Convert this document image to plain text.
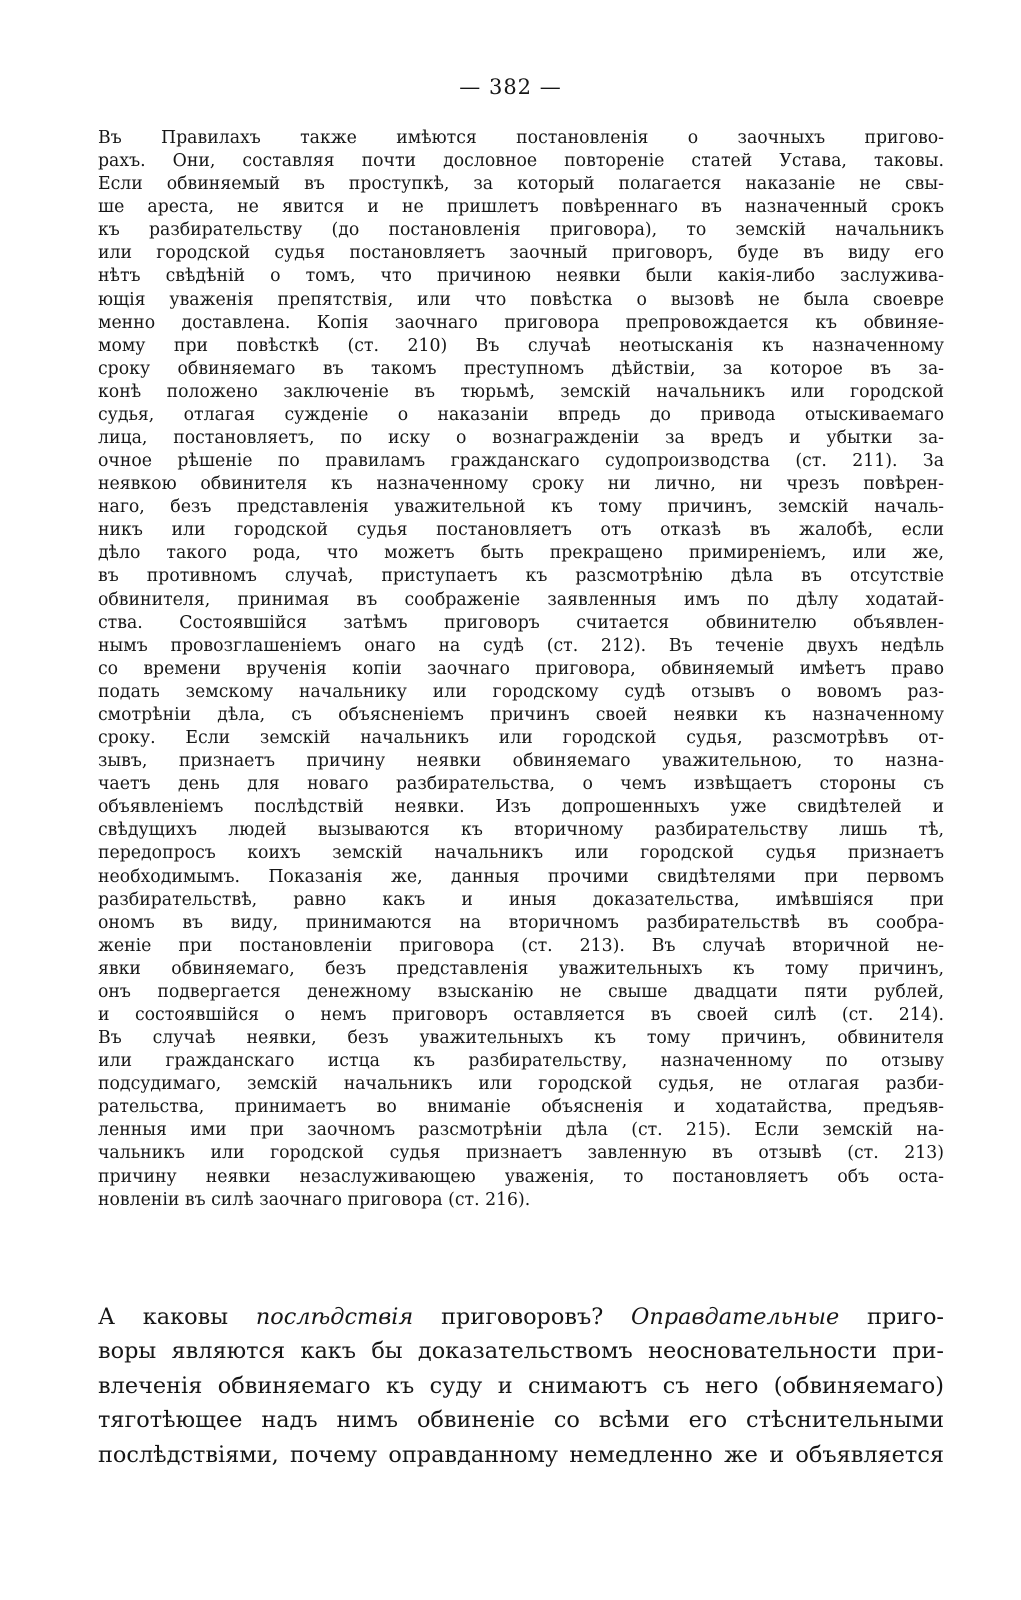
— 382 —
Въ Правилахъ также имѣются постановленія о заочныхъ пригово-
рахъ. Они, составляя почти дословное повтореніе статей Устава, таковы.
Если обвиняемый въ проступкѣ, за который полагается наказаніе не свы-
ше ареста, не явится и не пришлетъ повѣреннаго въ назначенный срокъ
къ разбирательству (до постановленія приговора), то земскій начальникъ
или городской судья постановляетъ заочный приговоръ, буде въ виду его
нѣтъ свѣдѣній о томъ, что причиною неявки были какія-либо заслужива-
ющія уваженія препятствія, или что повѣстка о вызовѣ не была своевре
менно доставлена. Копія заочнаго приговора препровождается къ обвиняе-
мому при повѣсткѣ (ст. 210) Въ случаѣ неотысканія къ назначенному
сроку обвиняемаго въ такомъ преступномъ дѣйствіи, за которое въ за-
конѣ положено заключеніе въ тюрьмѣ, земскій начальникъ или городской
судья, отлагая сужденіе о наказаніи впредь до привода отыскиваемаго
лица, постановляетъ, по иску о вознагражденіи за вредъ и убытки за-
очное рѣшеніе по правиламъ гражданскаго судопроизводства (ст. 211). За
неявкою обвинителя къ назначенному сроку ни лично, ни чрезъ повѣрен-
наго, безъ представленія уважительной къ тому причинъ, земскій началь-
никъ или городской судья постановляетъ отъ отказѣ въ жалобѣ, если
дѣло такого рода, что можетъ быть прекращено примиреніемъ, или же,
въ противномъ случаѣ, приступаетъ къ разсмотрѣнію дѣла въ отсутствіе
обвинителя, принимая въ соображеніе заявленныя имъ по дѣлу ходатай-
ства. Состоявшійся затѣмъ приговоръ считается обвинителю объявлен-
нымъ провозглашеніемъ онаго на судѣ (ст. 212). Въ теченіе двухъ недѣль
со времени врученія копіи заочнаго приговора, обвиняемый имѣетъ право
подать земскому начальнику или городскому судѣ отзывъ о вовомъ раз-
смотрѣніи дѣла, съ объясненіемъ причинъ своей неявки къ назначенному
сроку. Если земскій начальникъ или городской судья, разсмотрѣвъ от-
зывъ, признаетъ причину неявки обвиняемаго уважительною, то назна-
чаетъ день для новаго разбирательства, о чемъ извѣщаетъ стороны съ
объявленіемъ послѣдствій неявки. Изъ допрошенныхъ уже свидѣтелей и
свѣдущихъ людей вызываются къ вторичному разбирательству лишь тѣ,
передопросъ коихъ земскій начальникъ или городской судья признаетъ
необходимымъ. Показанія же, данныя прочими свидѣтелями при первомъ
разбирательствѣ, равно какъ и иныя доказательства, имѣвшіяся при
ономъ въ виду, принимаются на вторичномъ разбирательствѣ въ сообра-
женіе при постановленіи приговора (ст. 213). Въ случаѣ вторичной не-
явки обвиняемаго, безъ представленія уважительныхъ къ тому причинъ,
онъ подвергается денежному взысканію не свыше двадцати пяти рублей,
и состоявшійся о немъ приговоръ оставляется въ своей силѣ (ст. 214).
Въ случаѣ неявки, безъ уважительныхъ къ тому причинъ, обвинителя
или гражданскаго истца къ разбирательству, назначенному по отзыву
подсудимаго, земскій начальникъ или городской судья, не отлагая разби-
рательства, принимаетъ во вниманіе объясненія и ходатайства, предъяв-
ленныя ими при заочномъ разсмотрѣніи дѣла (ст. 215). Если земскій на-
чальникъ или городской судья признаетъ завленную въ отзывѣ (ст. 213)
причину неявки незаслуживающею уваженія, то постановляетъ объ оста-
новленіи въ силѣ заочнаго приговора (ст. 216).
А каковы послѣдствія приговоровъ? Оправдательные приго-
воры являются какъ бы доказательствомъ неосновательности при-
влеченія обвиняемаго къ суду и снимаютъ съ него (обвиняемаго)
тяготѣющее надъ нимъ обвиненіе со всѣми его стѣснительными
послѣдствіями, почему оправданному немедленно же и объявляется
